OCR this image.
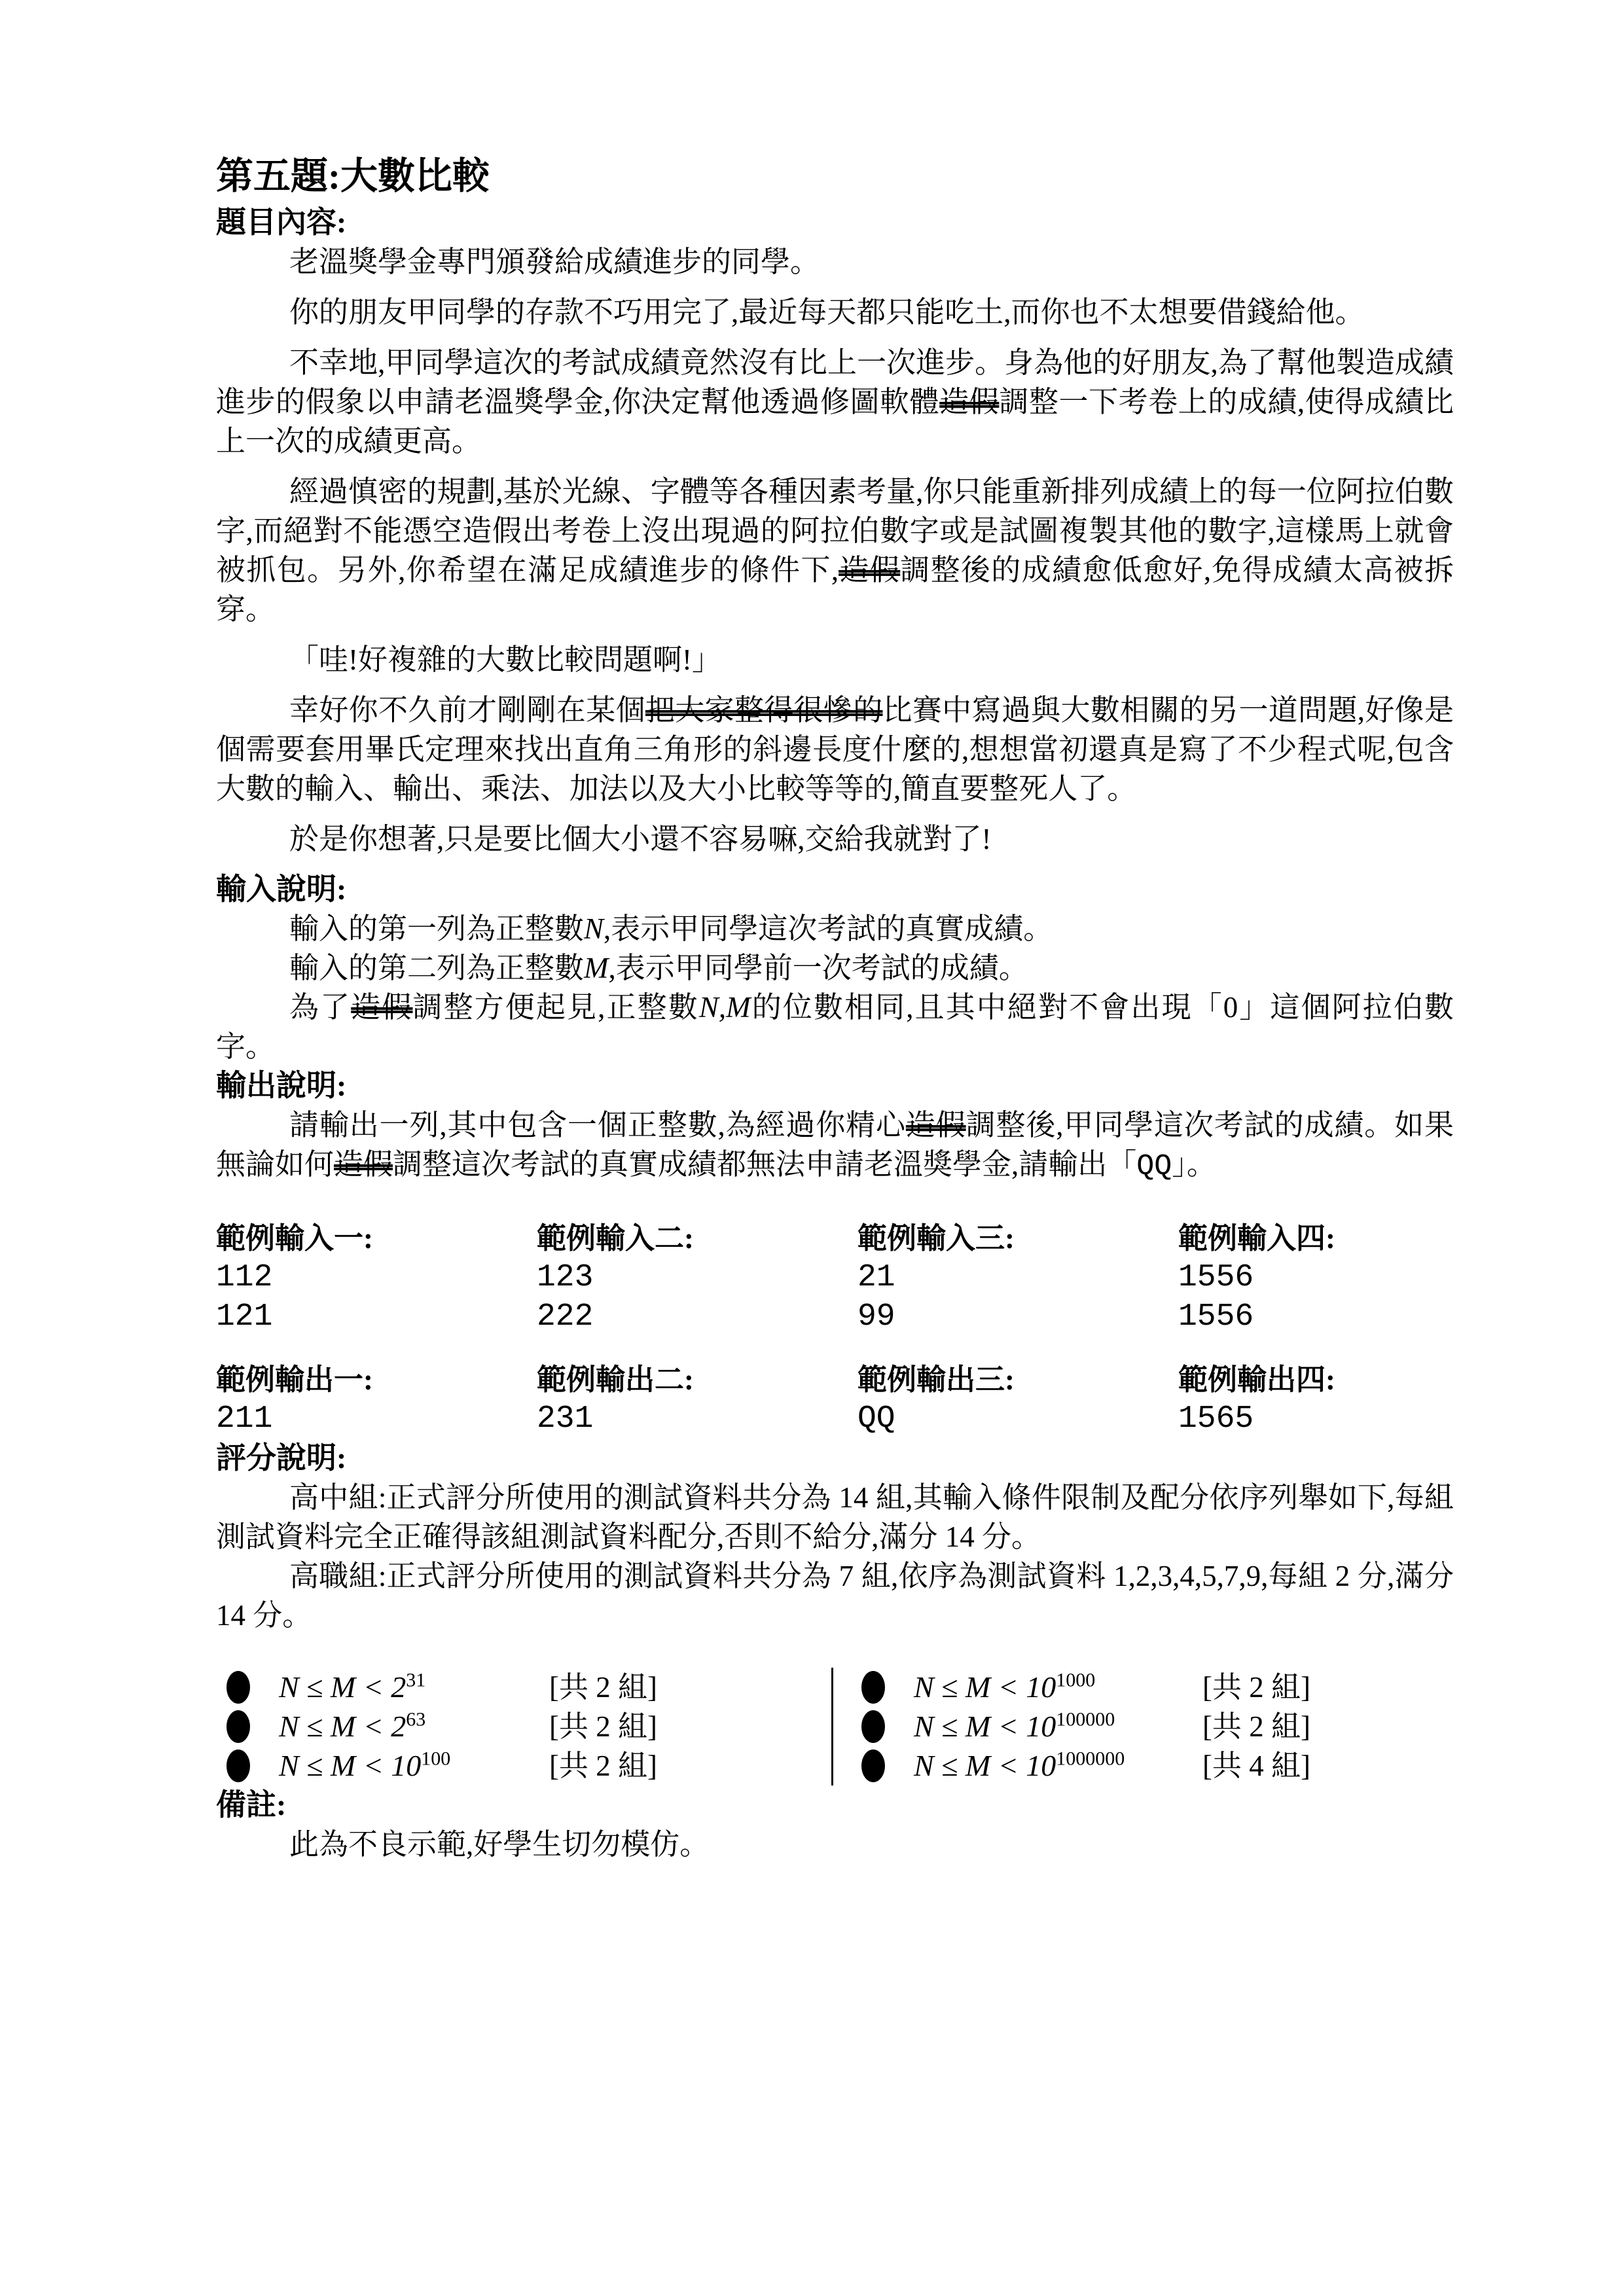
第五題:大數比較
題目內容:

老溫獎學金專門頒發給成績進步的同學。

你的朋友甲同學的存款不巧用完了,最近每天都只能吃土,而你也不太想要借錢給他。

不幸地,甲同學這次的考試成績竟然沒有比上一次進步。身為他的好朋友,為了幫他製造成績進步的假象以申請老溫獎學金,你決定幫他透過修圖軟體造假調整一下考卷上的成績,使得成績比上一次的成績更高。

經過慎密的規劃,基於光線、字體等各種因素考量,你只能重新排列成績上的每一位阿拉伯數字,而絕對不能憑空造假出考卷上沒出現過的阿拉伯數字或是試圖複製其他的數字,這樣馬上就會被抓包。另外,你希望在滿足成績進步的條件下,造假調整後的成績愈低愈好,免得成績太高被拆穿。

「哇!好複雜的大數比較問題啊!」

幸好你不久前才剛剛在某個把大家整得很慘的比賽中寫過與大數相關的另一道問題,好像是個需要套用畢氏定理來找出直角三角形的斜邊長度什麼的,想想當初還真是寫了不少程式呢,包含大數的輸入、輸出、乘法、加法以及大小比較等等的,簡直要整死人了。

於是你想著,只是要比個大小還不容易嘛,交給我就對了!

輸入說明:

輸入的第一列為正整數N,表示甲同學這次考試的真實成績。

輸入的第二列為正整數M,表示甲同學前一次考試的成績。

為了造假調整方便起見,正整數N,M的位數相同,且其中絕對不會出現「0」這個阿拉伯數字。

輸出說明:

請輸出一列,其中包含一個正整數,為經過你精心造假調整後,甲同學這次考試的成績。如果無論如何造假調整這次考試的真實成績都無法申請老溫獎學金,請輸出「QQ」。

範例輸入一:
112
121
範例輸入二:
123
222
範例輸入三:
21
99
範例輸入四:
1556
1556
範例輸出一:
211
範例輸出二:
231
範例輸出三:
QQ
範例輸出四:
1565
評分說明:

高中組:正式評分所使用的測試資料共分為 14 組,其輸入條件限制及配分依序列舉如下,每組測試資料完全正確得該組測試資料配分,否則不給分,滿分 14 分。

高職組:正式評分所使用的測試資料共分為 7 組,依序為測試資料 1,2,3,4,5,7,9,每組 2 分,滿分 14 分。

$N \le M < 2^{31}$	[共 2 組]
$N \le M < 2^{63}$	[共 2 組]
$N \le M < 10^{100}$	[共 2 組]
$N \le M < 10^{1000}$	[共 2 組]
$N \le M < 10^{100000}$	[共 2 組]
$N \le M < 10^{1000000}$	[共 4 組]
備註:

此為不良示範,好學生切勿模仿。
